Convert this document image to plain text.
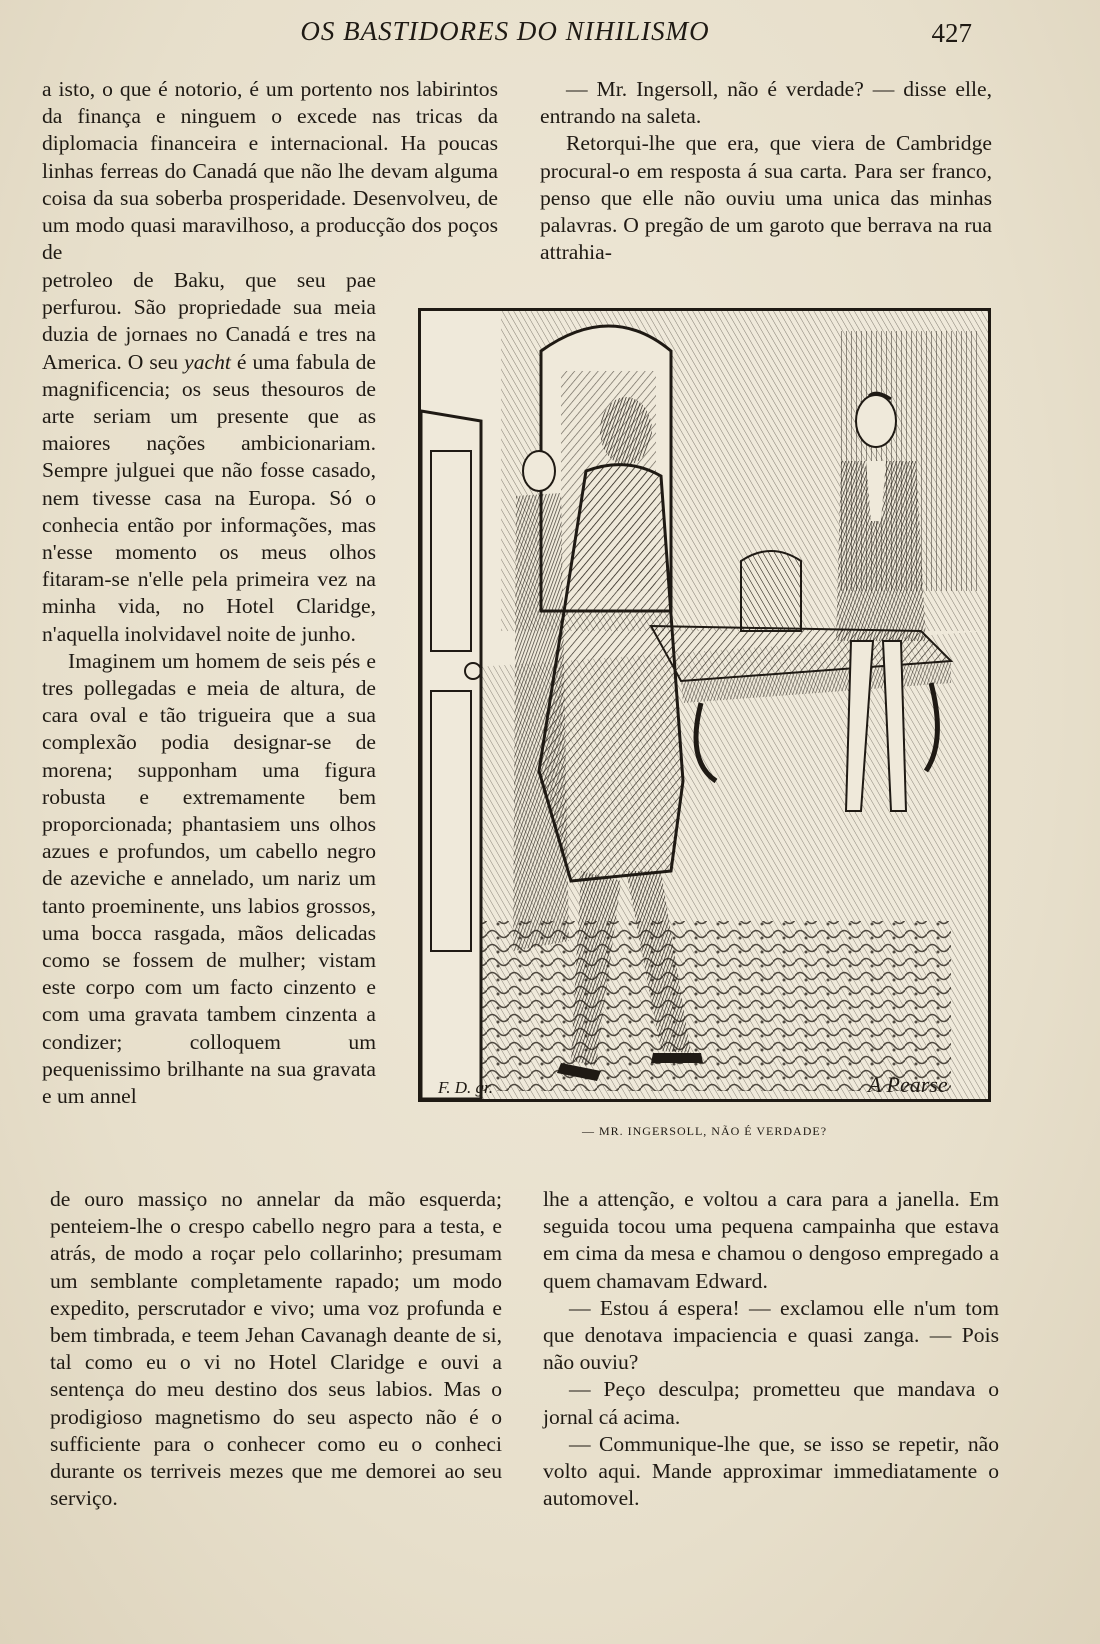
OS BASTIDORES DO NIHILISMO	427

a isto, o que é notorio, é um portento nos labirintos da finança e ninguem o excede nas tricas da diplomacia financeira e internacional. Ha poucas linhas ferreas do Canadá que não lhe devam alguma coisa da sua soberba prosperidade. Desenvolveu, de um modo quasi maravilhoso, a producção dos poços de

petroleo de Baku, que seu pae perfurou. São propriedade sua meia duzia de jornaes no Canadá e tres na America. O seu yacht é uma fabula de magnificencia; os seus thesouros de arte seriam um presente que as maiores nações ambicionariam. Sempre julguei que não fosse casado, nem tivesse casa na Europa. Só o conhecia então por informações, mas n'esse momento os meus olhos fitaram-se n'elle pela primeira vez na minha vida, no Hotel Claridge, n'aquella inolvidavel noite de junho.

Imaginem um homem de seis pés e tres pollegadas e meia de altura, de cara oval e tão trigueira que a sua complexão podia designar-se de morena; supponham uma figura robusta e extremamente bem proporcionada; phantasiem uns olhos azues e profundos, um cabello negro de azeviche e annelado, um nariz um tanto proeminente, uns labios grossos, uma bocca rasgada, mãos delicadas como se fossem de mulher; vistam este corpo com um facto cinzento e com uma gravata tambem cinzenta a condizer; colloquem um pequenissimo brilhante na sua gravata e um annel

de ouro massiço no annelar da mão esquerda; penteiem-lhe o crespo cabello negro para a testa, e atrás, de modo a roçar pelo collarinho; presumam um semblante completamente rapado; um modo expedito, perscrutador e vivo; uma voz profunda e bem timbrada, e teem Jehan Cavanagh deante de si, tal como eu o vi no Hotel Claridge e ouvi a sentença do meu destino dos seus labios. Mas o prodigioso magnetismo do seu aspecto não é o sufficiente para o conhecer como eu o conheci durante os terriveis mezes que me demorei ao seu serviço.

— Mr. Ingersoll, não é verdade? — disse elle, entrando na saleta.

Retorqui-lhe que era, que viera de Cambridge procural-o em resposta á sua carta. Para ser franco, penso que elle não ouviu uma unica das minhas palavras. O pregão de um garoto que berrava na rua attrahia-

F. D. gr.	A Pearse
— MR. INGERSOLL, NÃO É VERDADE?

lhe a attenção, e voltou a cara para a janella. Em seguida tocou uma pequena campainha que estava em cima da mesa e chamou o dengoso empregado a quem chamavam Edward.

— Estou á espera! — exclamou elle n'um tom que denotava impaciencia e quasi zanga. — Pois não ouviu?

— Peço desculpa; prometteu que mandava o jornal cá acima.

— Communique-lhe que, se isso se repetir, não volto aqui. Mande approximar immediatamente o automovel.
